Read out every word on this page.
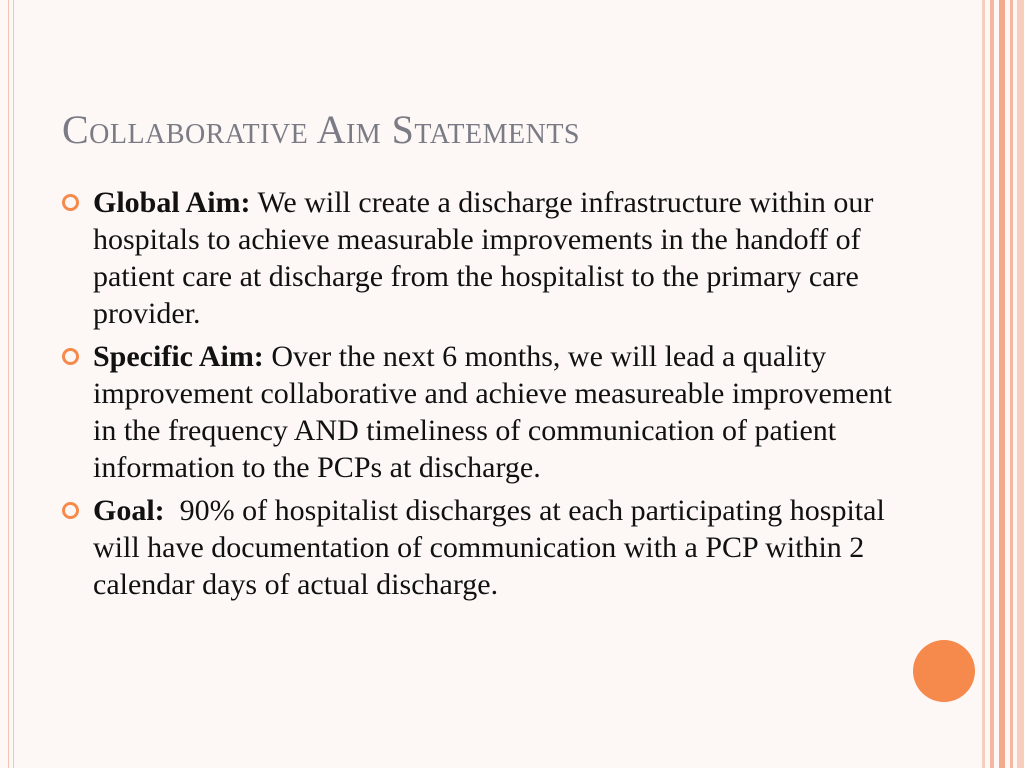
Collaborative Aim Statements
Global Aim: We will create a discharge infrastructure within our hospitals to achieve measurable improvements in the handoff of patient care at discharge from the hospitalist to the primary care provider.
Specific Aim: Over the next 6 months, we will lead a quality improvement collaborative and achieve measureable improvement in the frequency AND timeliness of communication of patient information to the PCPs at discharge.
Goal:  90% of hospitalist discharges at each participating hospital will have documentation of communication with a PCP within 2 calendar days of actual discharge.
